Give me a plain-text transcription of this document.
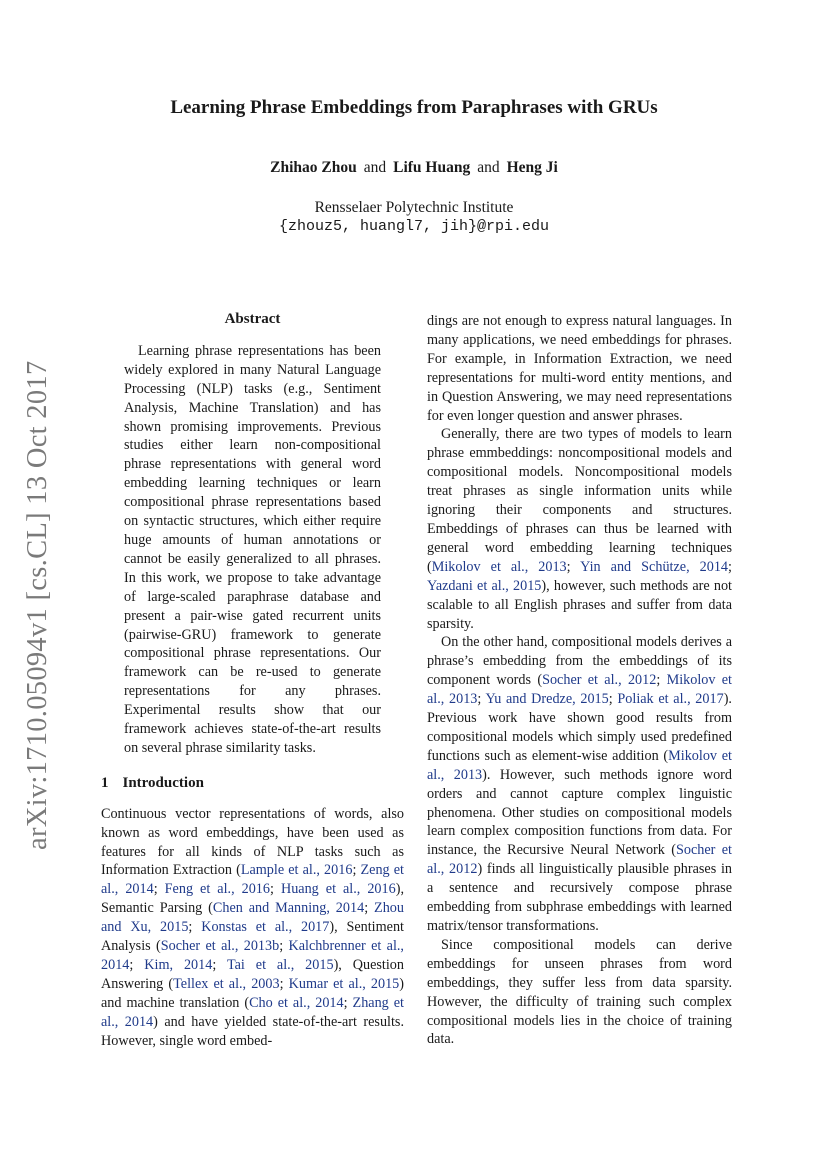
arXiv:1710.05094v1 [cs.CL] 13 Oct 2017
Learning Phrase Embeddings from Paraphrases with GRUs
Zhihao Zhou and Lifu Huang and Heng Ji
Rensselaer Polytechnic Institute
{zhouz5, huangl7, jih}@rpi.edu
Abstract

Learning phrase representations has been widely explored in many Natural Language Processing (NLP) tasks (e.g., Sentiment Analysis, Machine Translation) and has shown promising improvements. Previous studies either learn non-compositional phrase representations with general word embedding learning techniques or learn compositional phrase representations based on syntactic structures, which either require huge amounts of human annotations or cannot be easily generalized to all phrases. In this work, we propose to take advantage of large-scaled paraphrase database and present a pair-wise gated recurrent units (pairwise-GRU) framework to generate compositional phrase representations. Our framework can be re-used to generate representations for any phrases. Experimental results show that our framework achieves state-of-the-art results on several phrase similarity tasks.

1 Introduction

Continuous vector representations of words, also known as word embeddings, have been used as features for all kinds of NLP tasks such as Information Extraction (Lample et al., 2016; Zeng et al., 2014; Feng et al., 2016; Huang et al., 2016), Semantic Parsing (Chen and Manning, 2014; Zhou and Xu, 2015; Konstas et al., 2017), Sentiment Analysis (Socher et al., 2013b; Kalchbrenner et al., 2014; Kim, 2014; Tai et al., 2015), Question Answering (Tellex et al., 2003; Kumar et al., 2015) and machine translation (Cho et al., 2014; Zhang et al., 2014) and have yielded state-of-the-art results. However, single word embed-

dings are not enough to express natural languages. In many applications, we need embeddings for phrases. For example, in Information Extraction, we need representations for multi-word entity mentions, and in Question Answering, we may need representations for even longer question and answer phrases.

Generally, there are two types of models to learn phrase emmbeddings: noncompositional models and compositional models. Noncompositional models treat phrases as single information units while ignoring their components and structures. Embeddings of phrases can thus be learned with general word embedding learning techniques (Mikolov et al., 2013; Yin and Schütze, 2014; Yazdani et al., 2015), however, such methods are not scalable to all English phrases and suffer from data sparsity.

On the other hand, compositional models derives a phrase’s embedding from the embeddings of its component words (Socher et al., 2012; Mikolov et al., 2013; Yu and Dredze, 2015; Poliak et al., 2017). Previous work have shown good results from compositional models which simply used predefined functions such as element-wise addition (Mikolov et al., 2013). However, such methods ignore word orders and cannot capture complex linguistic phenomena. Other studies on compositional models learn complex composition functions from data. For instance, the Recursive Neural Network (Socher et al., 2012) finds all linguistically plausible phrases in a sentence and recursively compose phrase embedding from subphrase embeddings with learned matrix/tensor transformations.

Since compositional models can derive embeddings for unseen phrases from word embeddings, they suffer less from data sparsity. However, the difficulty of training such complex compositional models lies in the choice of training data.
